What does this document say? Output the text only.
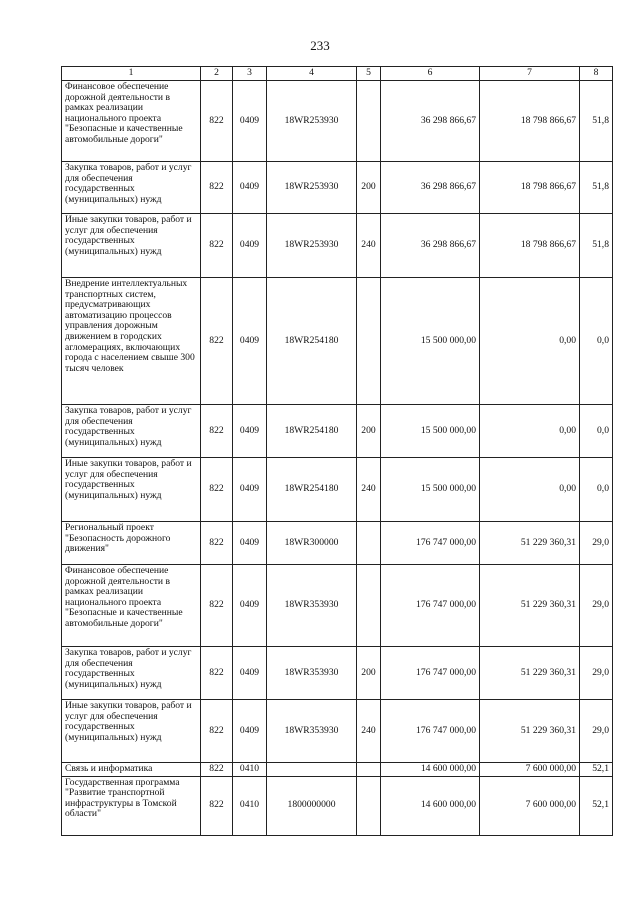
233
1	2	3	4	5	6	7	8
Финансовое обеспечение дорожной деятельности в рамках реализации национального проекта "Безопасные и качественные автомобильные дороги"	822	0409	18WR253930		36 298 866,67	18 798 866,67	51,8
Закупка товаров, работ и услуг для обеспечения государственных (муниципальных) нужд	822	0409	18WR253930	200	36 298 866,67	18 798 866,67	51,8
Иные закупки товаров, работ и услуг для обеспечения государственных (муниципальных) нужд	822	0409	18WR253930	240	36 298 866,67	18 798 866,67	51,8
Внедрение интеллектуальных транспортных систем, предусматривающих автоматизацию процессов управления дорожным движением в городских агломерациях, включающих города с населением свыше 300 тысяч человек	822	0409	18WR254180		15 500 000,00	0,00	0,0
Закупка товаров, работ и услуг для обеспечения государственных (муниципальных) нужд	822	0409	18WR254180	200	15 500 000,00	0,00	0,0
Иные закупки товаров, работ и услуг для обеспечения государственных (муниципальных) нужд	822	0409	18WR254180	240	15 500 000,00	0,00	0,0
Региональный проект "Безопасность дорожного движения"	822	0409	18WR300000		176 747 000,00	51 229 360,31	29,0
Финансовое обеспечение дорожной деятельности в рамках реализации национального проекта "Безопасные и качественные автомобильные дороги"	822	0409	18WR353930		176 747 000,00	51 229 360,31	29,0
Закупка товаров, работ и услуг для обеспечения государственных (муниципальных) нужд	822	0409	18WR353930	200	176 747 000,00	51 229 360,31	29,0
Иные закупки товаров, работ и услуг для обеспечения государственных (муниципальных) нужд	822	0409	18WR353930	240	176 747 000,00	51 229 360,31	29,0
Связь и информатика	822	0410			14 600 000,00	7 600 000,00	52,1
Государственная программа "Развитие транспортной инфраструктуры в Томской области"	822	0410	1800000000		14 600 000,00	7 600 000,00	52,1
